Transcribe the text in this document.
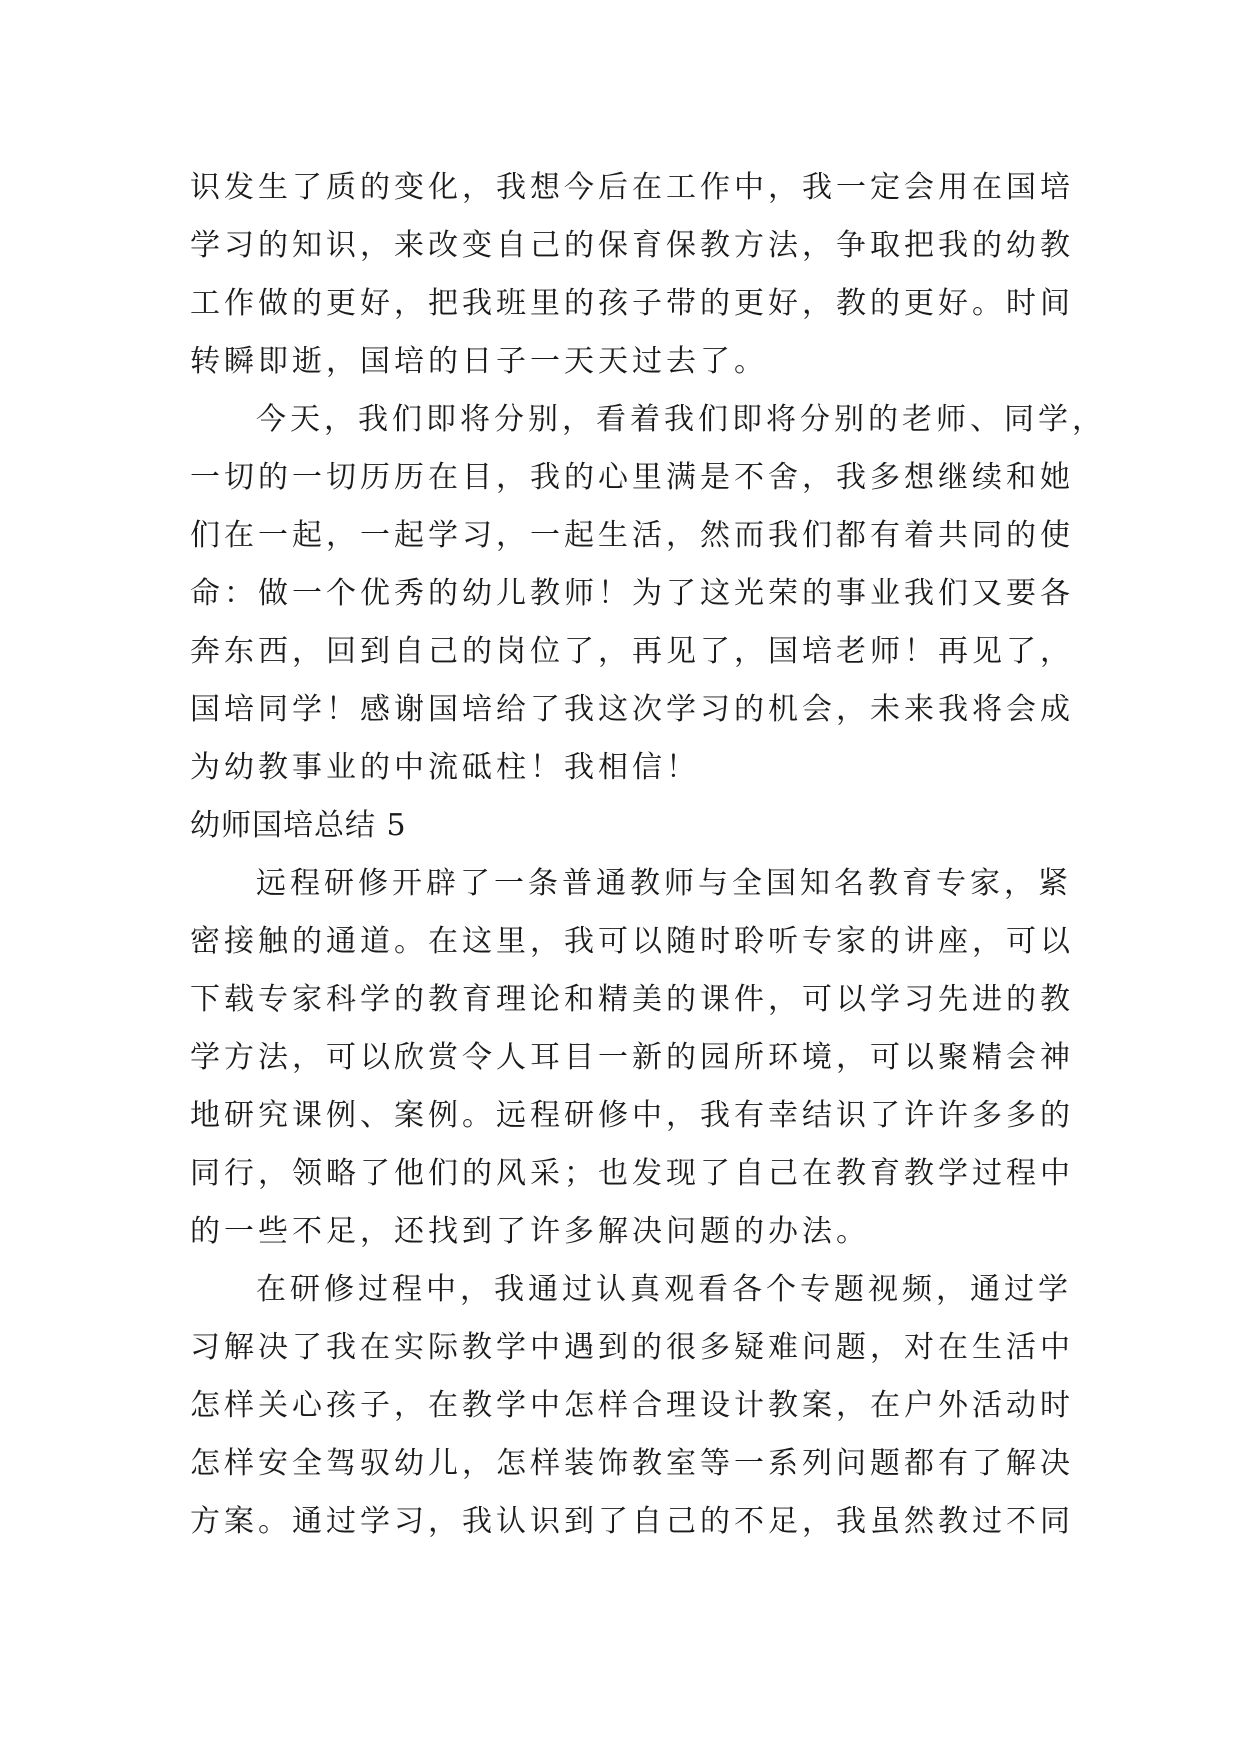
识发生了质的变化，我想今后在工作中，我一定会用在国培
学习的知识，来改变自己的保育保教方法，争取把我的幼教
工作做的更好，把我班里的孩子带的更好，教的更好。时间
转瞬即逝，国培的日子一天天过去了。
今天，我们即将分别，看着我们即将分别的老师、同学，
一切的一切历历在目，我的心里满是不舍，我多想继续和她
们在一起，一起学习，一起生活，然而我们都有着共同的使
命：做一个优秀的幼儿教师！为了这光荣的事业我们又要各
奔东西，回到自己的岗位了，再见了，国培老师！再见了，
国培同学！感谢国培给了我这次学习的机会，未来我将会成
为幼教事业的中流砥柱！我相信！
幼师国培总结 5
远程研修开辟了一条普通教师与全国知名教育专家，紧
密接触的通道。在这里，我可以随时聆听专家的讲座，可以
下载专家科学的教育理论和精美的课件，可以学习先进的教
学方法，可以欣赏令人耳目一新的园所环境，可以聚精会神
地研究课例、案例。远程研修中，我有幸结识了许许多多的
同行，领略了他们的风采；也发现了自己在教育教学过程中
的一些不足，还找到了许多解决问题的办法。
在研修过程中，我通过认真观看各个专题视频，通过学
习解决了我在实际教学中遇到的很多疑难问题，对在生活中
怎样关心孩子，在教学中怎样合理设计教案，在户外活动时
怎样安全驾驭幼儿，怎样装饰教室等一系列问题都有了解决
方案。通过学习，我认识到了自己的不足，我虽然教过不同
